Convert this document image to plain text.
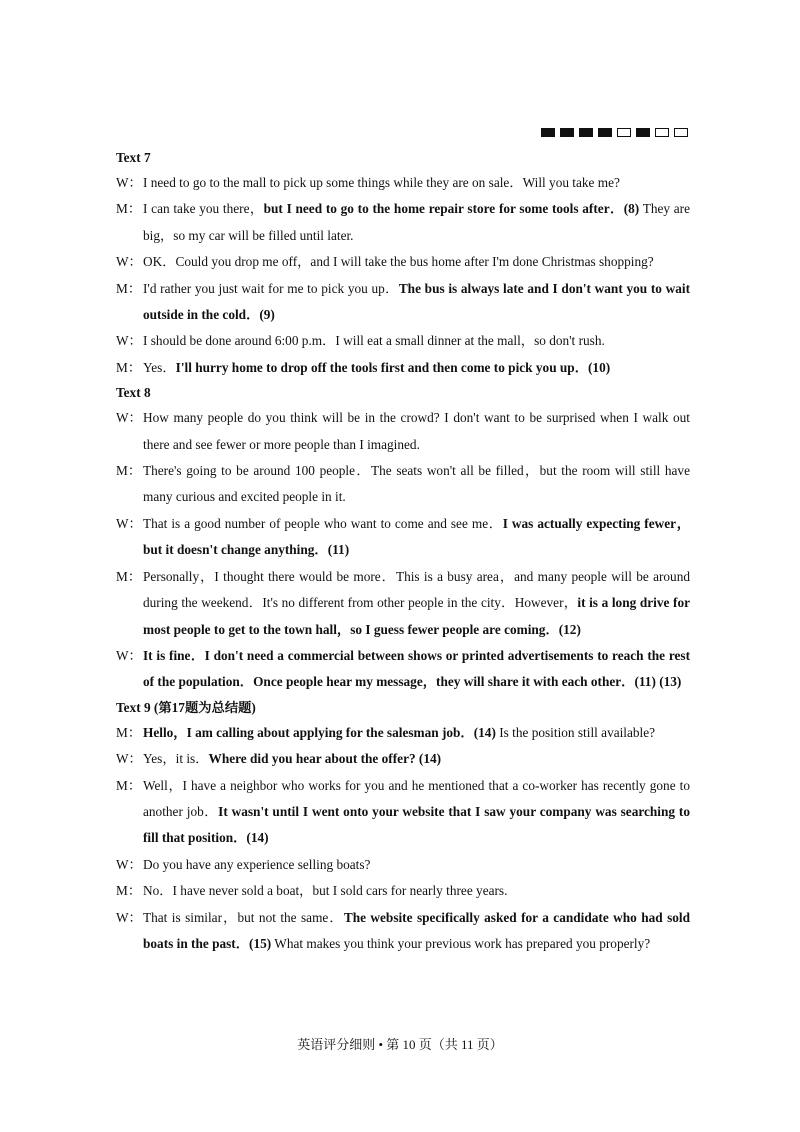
Text 7
W： I need to go to the mall to pick up some things while they are on sale．Will you take me?
M： I can take you there，but I need to go to the home repair store for some tools after．(8) They are big，so my car will be filled until later.
W： OK．Could you drop me off，and I will take the bus home after I'm done Christmas shopping?
M： I'd rather you just wait for me to pick you up．The bus is always late and I don't want you to wait outside in the cold．(9)
W： I should be done around 6:00 p.m．I will eat a small dinner at the mall，so don't rush.
M： Yes．I'll hurry home to drop off the tools first and then come to pick you up．(10)
Text 8
W： How many people do you think will be in the crowd? I don't want to be surprised when I walk out there and see fewer or more people than I imagined.
M： There's going to be around 100 people．The seats won't all be filled，but the room will still have many curious and excited people in it.
W： That is a good number of people who want to come and see me．I was actually expecting fewer，but it doesn't change anything．(11)
M： Personally，I thought there would be more．This is a busy area，and many people will be around during the weekend．It's no different from other people in the city．However，it is a long drive for most people to get to the town hall，so I guess fewer people are coming．(12)
W： It is fine．I don't need a commercial between shows or printed advertisements to reach the rest of the population．Once people hear my message，they will share it with each other．(11) (13)
Text 9 (第17题为总结题)
M： Hello，I am calling about applying for the salesman job．(14) Is the position still available?
W： Yes，it is．Where did you hear about the offer? (14)
M： Well，I have a neighbor who works for you and he mentioned that a co-worker has recently gone to another job．It wasn't until I went onto your website that I saw your company was searching to fill that position．(14)
W： Do you have any experience selling boats?
M： No．I have never sold a boat，but I sold cars for nearly three years.
W： That is similar，but not the same．The website specifically asked for a candidate who had sold boats in the past．(15) What makes you think your previous work has prepared you properly?
英语评分细则 • 第 10 页（共 11 页）
